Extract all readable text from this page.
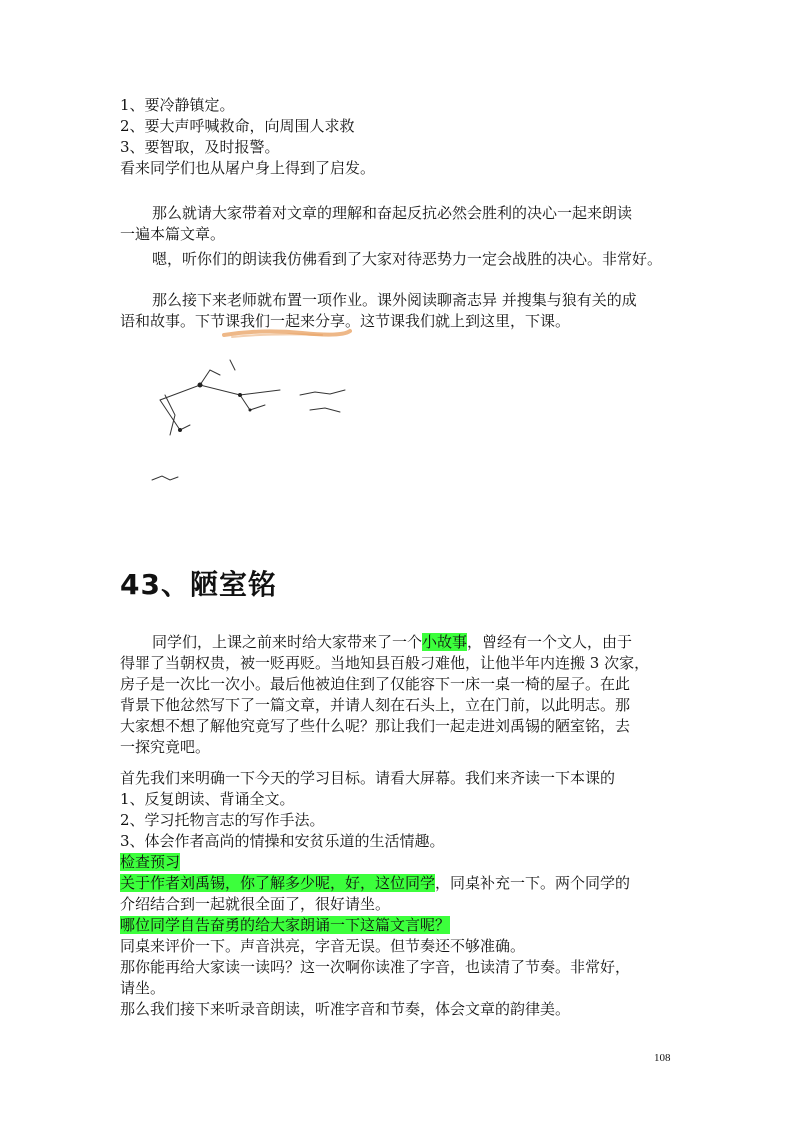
1、要冷静镇定。
2、要大声呼喊救命，向周围人求救
3、要智取，及时报警。
看来同学们也从屠户身上得到了启发。
那么就请大家带着对文章的理解和奋起反抗必然会胜利的决心一起来朗读
一遍本篇文章。
嗯，听你们的朗读我仿佛看到了大家对待恶势力一定会战胜的决心。非常好。
那么接下来老师就布置一项作业。课外阅读聊斋志异 并搜集与狼有关的成
语和故事。下节课我们一起来分享。这节课我们就上到这里，下课。
43、陋室铭
同学们，上课之前来时给大家带来了一个小故事，曾经有一个文人，由于
得罪了当朝权贵，被一贬再贬。当地知县百般刁难他，让他半年内连搬 3 次家，
房子是一次比一次小。最后他被迫住到了仅能容下一床一桌一椅的屋子。在此
背景下他忿然写下了一篇文章，并请人刻在石头上，立在门前，以此明志。那
大家想不想了解他究竟写了些什么呢？那让我们一起走进刘禹锡的陋室铭，去
一探究竟吧。
首先我们来明确一下今天的学习目标。请看大屏幕。我们来齐读一下本课的
1、反复朗读、背诵全文。
2、学习托物言志的写作手法。
3、体会作者高尚的情操和安贫乐道的生活情趣。
检查预习
关于作者刘禹锡，你了解多少呢，好，这位同学，同桌补充一下。两个同学的
介绍结合到一起就很全面了，很好请坐。
哪位同学自告奋勇的给大家朗诵一下这篇文言呢？
同桌来评价一下。声音洪亮，字音无误。但节奏还不够准确。
那你能再给大家读一读吗？这一次啊你读准了字音，也读清了节奏。非常好，
请坐。
那么我们接下来听录音朗读，听准字音和节奏，体会文章的韵律美。
108
